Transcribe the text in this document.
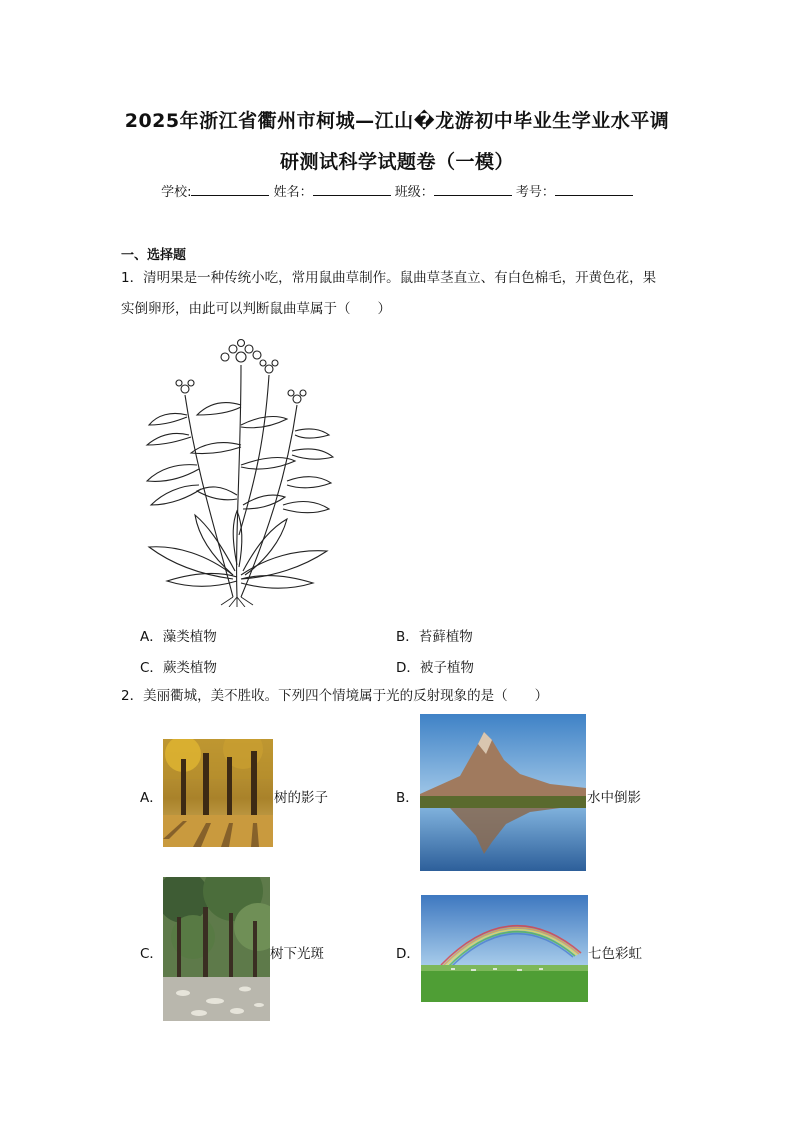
2025年浙江省衢州市柯城—江山�龙游初中毕业生学业水平调
研测试科学试题卷（一模）
学校:	姓名：	班级：	考号：
一、选择题
1．清明果是一种传统小吃，常用鼠曲草制作。鼠曲草茎直立、有白色棉毛，开黄色花，果
实倒卵形，由此可以判断鼠曲草属于（　　）
A．藻类植物	B．苔藓植物
C．蕨类植物	D．被子植物
2．美丽衢城，美不胜收。下列四个情境属于光的反射现象的是（　　）
A．	树的影子	B．	水中倒影
C．	树下光斑	D．	七色彩虹
